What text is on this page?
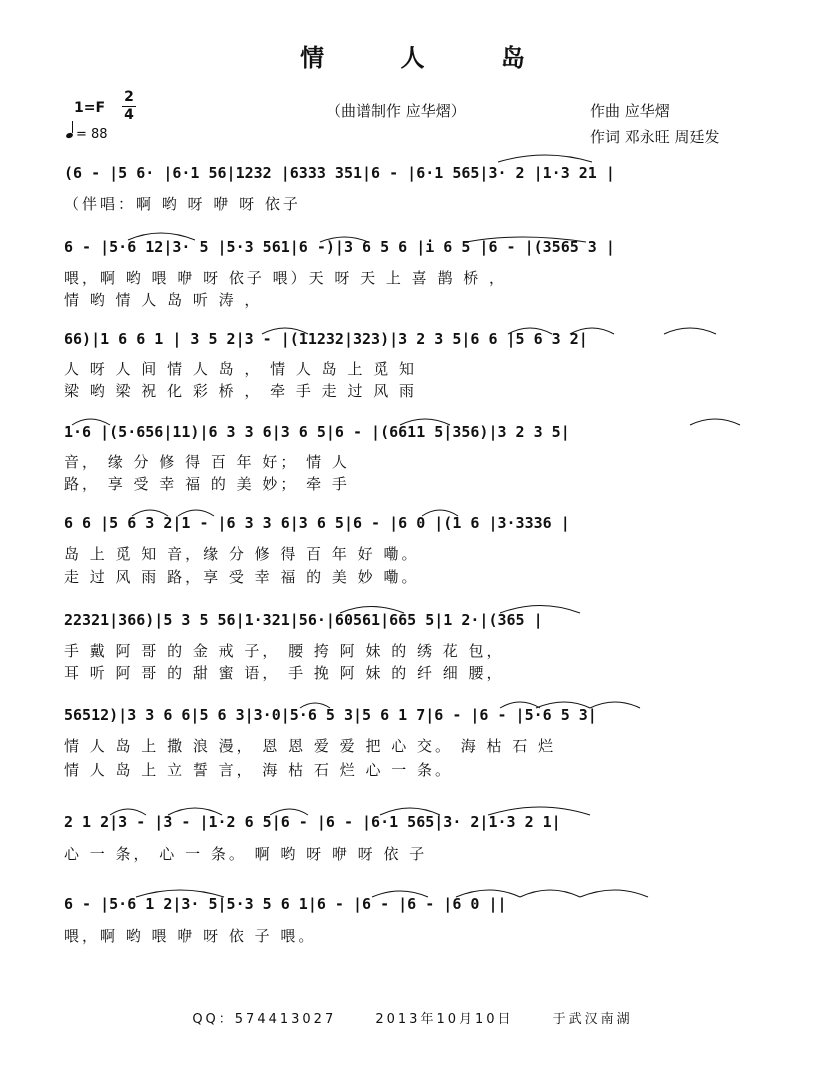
情 人 岛
1=F
2
4
= 88
（曲谱制作 应华熠）	作曲 应华熠
作词 邓永旺 周廷发
(6 - |5 6· |6·1 56|1232 |6333 351|6 - |6·1 565|3· 2 |1·3 21 |
（伴唱：啊 哟 呀 咿 呀 依子
6 - |5·6 12|3· 5 |5·3 561|6 -)|3 6 5 6 |i 6 5 |6 - |(3565 3 |
喂，啊 哟 喂 咿 呀 依子 喂）天 呀 天 上 喜 鹊 桥 ，
情 哟 情 人 岛 听 涛 ，
66)|1 6 6 1 | 3 5 2|3 - |(11232|323)|3 2 3 5|6 6 |5 6 3 2|
人 呀 人 间 情 人 岛 ， 情 人 岛 上 觅 知
梁 哟 梁 祝 化 彩 桥 ， 牵 手 走 过 风 雨
1·6 |(5·656|11)|6 3 3 6|3 6 5|6 - |(6611 5|356)|3 2 3 5|
音， 缘 分 修 得 百 年 好； 情 人
路， 享 受 幸 福 的 美 妙； 牵 手
6 6 |5 6 3 2|1 - |6 3 3 6|3 6 5|6 - |6 0 |(1 6 |3·3336 |
岛 上 觅 知 音，缘 分 修 得 百 年 好 嘞。
走 过 风 雨 路，享 受 幸 福 的 美 妙 嘞。
22321|366)|5 3 5 56|1·321|56·|60561|665 5|1 2·|(365 |
手 戴 阿 哥 的 金 戒 子， 腰 挎 阿 妹 的 绣 花 包，
耳 听 阿 哥 的 甜 蜜 语， 手 挽 阿 妹 的 纤 细 腰，
56512)|3 3 6 6|5 6 3|3·0|5·6 5 3|5 6 1 7|6 - |6 - |5·6 5 3|
情 人 岛 上 撒 浪 漫， 恩 恩 爱 爱 把 心 交。 海 枯 石 烂
情 人 岛 上 立 誓 言， 海 枯 石 烂 心 一 条。
2 1 2|3 - |3 - |1·2 6 5|6 - |6 - |6·1 565|3· 2|1·3 2 1|
心 一 条， 心 一 条。 啊 哟 呀 咿 呀 依 子
6 - |5·6 1 2|3· 5|5·3 5 6 1|6 - |6 - |6 - |6 0 ||
喂，啊 哟 喂 咿 呀 依 子 喂。
QQ：574413027	2013年10月10日	于武汉南湖
